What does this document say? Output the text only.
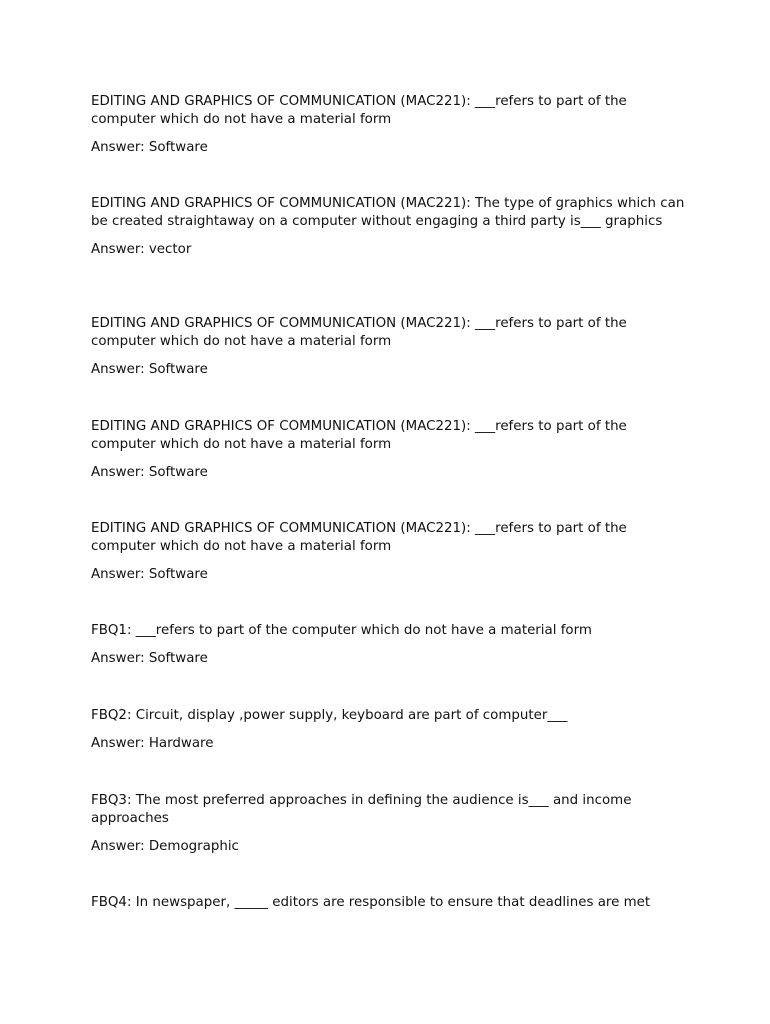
EDITING AND GRAPHICS OF COMMUNICATION (MAC221): ___refers to part of the computer which do not have a material form

Answer: Software

EDITING AND GRAPHICS OF COMMUNICATION (MAC221): The type of graphics which can be created straightaway on a computer without engaging a third party is___ graphics

Answer: vector

EDITING AND GRAPHICS OF COMMUNICATION (MAC221): ___refers to part of the computer which do not have a material form

Answer: Software

EDITING AND GRAPHICS OF COMMUNICATION (MAC221): ___refers to part of the computer which do not have a material form

Answer: Software

EDITING AND GRAPHICS OF COMMUNICATION (MAC221): ___refers to part of the computer which do not have a material form

Answer: Software

FBQ1: ___refers to part of the computer which do not have a material form

Answer: Software

FBQ2: Circuit, display ,power supply, keyboard are part of computer___

Answer: Hardware

FBQ3: The most preferred approaches in defining the audience is___ and income approaches

Answer: Demographic

FBQ4: In newspaper, _____ editors are responsible to ensure that deadlines are met
